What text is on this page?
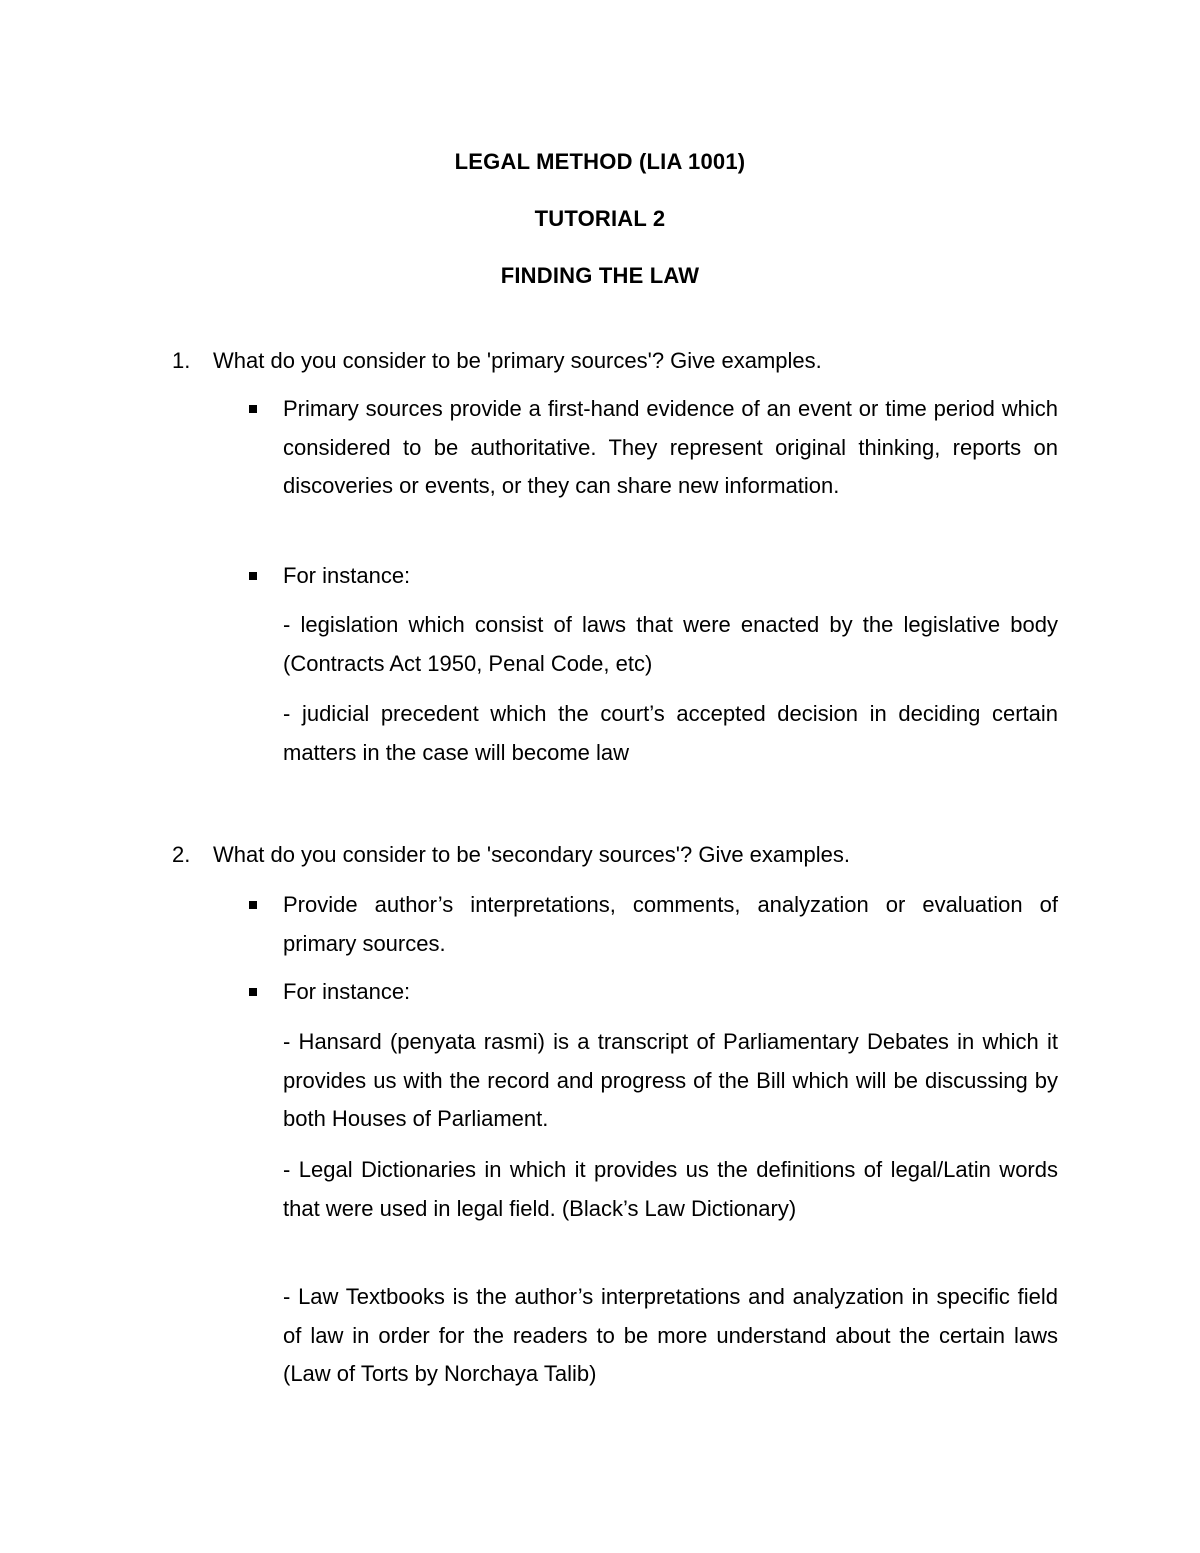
LEGAL METHOD (LIA 1001)
TUTORIAL 2
FINDING THE LAW
1. What do you consider to be 'primary sources'? Give examples.
Primary sources provide a first-hand evidence of an event or time period which considered to be authoritative. They represent original thinking, reports on discoveries or events, or they can share new information.
For instance:
- legislation which consist of laws that were enacted by the legislative body (Contracts Act 1950, Penal Code, etc)
- judicial precedent which the court’s accepted decision in deciding certain matters in the case will become law
2. What do you consider to be 'secondary sources'? Give examples.
Provide author’s interpretations, comments, analyzation or evaluation of primary sources.
For instance:
- Hansard (penyata rasmi) is a transcript of Parliamentary Debates in which it provides us with the record and progress of the Bill which will be discussing by both Houses of Parliament.
- Legal Dictionaries in which it provides us the definitions of legal/Latin words that were used in legal field. (Black’s Law Dictionary)
- Law Textbooks is the author’s interpretations and analyzation in specific field of law in order for the readers to be more understand about the certain laws (Law of Torts by Norchaya Talib)
